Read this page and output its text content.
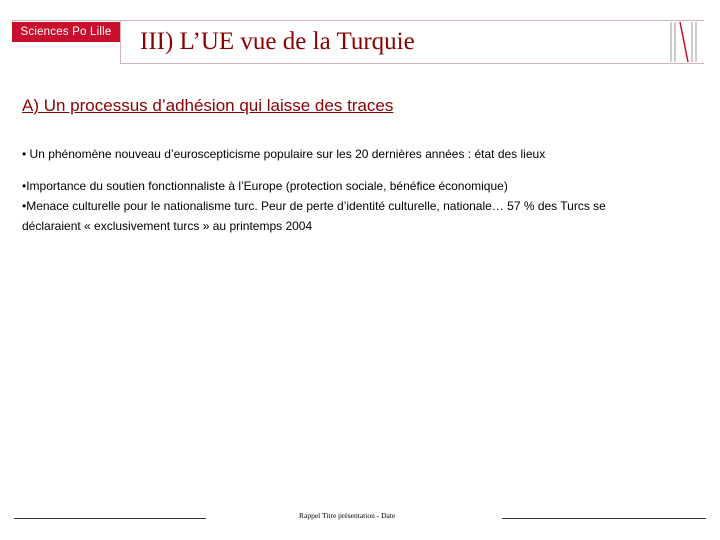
Sciences Po Lille III) L’UE vue de la Turquie
A) Un processus d’adhésion qui laisse des traces
• Un phénomène nouveau d’euroscepticisme populaire sur les 20 dernières années : état des lieux
•Importance du soutien fonctionnaliste à l’Europe (protection sociale, bénéfice économique)
•Menace culturelle pour le nationalisme turc. Peur de perte d’identité culturelle, nationale… 57 % des Turcs se
déclaraient « exclusivement turcs » au printemps 2004
Rappel Titre présentation - Date
